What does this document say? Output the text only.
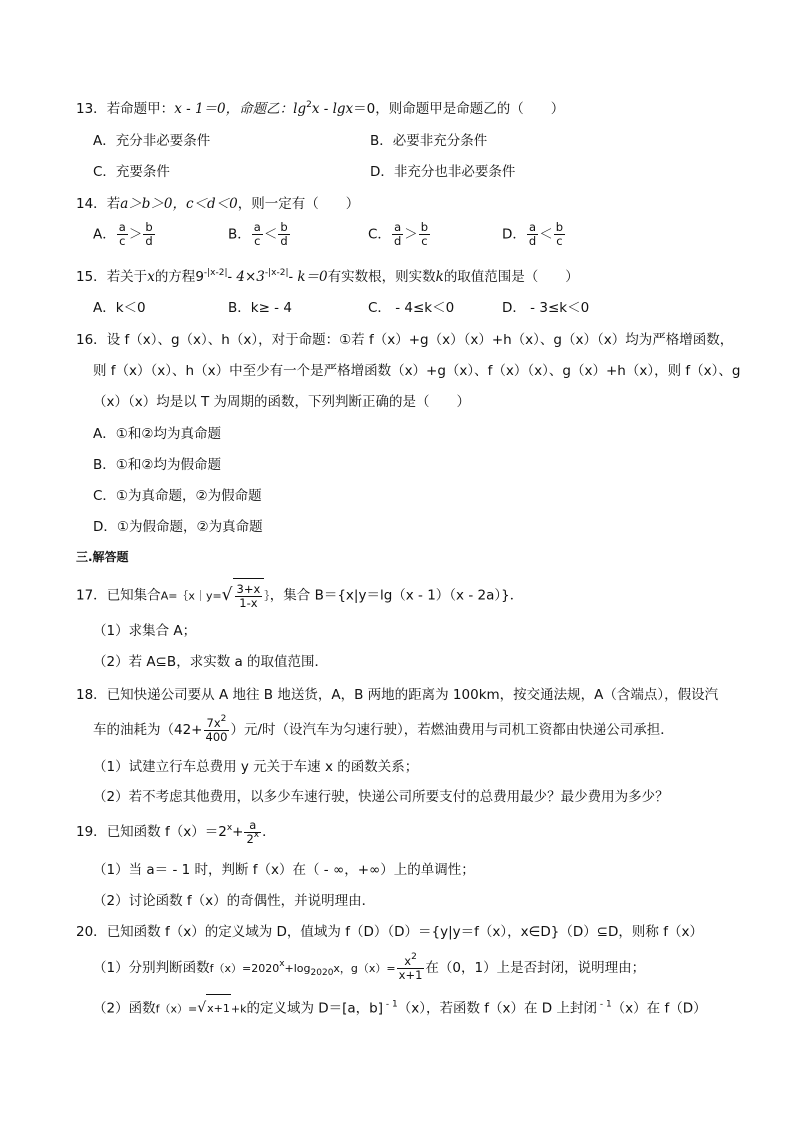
13．若命题甲：x - 1＝0，命题乙：$\lg^2x - \lg x=0$，则命题甲是命题乙的（　　）
A．充分非必要条件	B．必要非充分条件
C．充要条件	D．非充分也非必要条件
14．若a＞b＞0，c＜d＜0，则一定有（　　）
A． $\frac{a}{c} > \frac{b}{d}$	B． $\frac{a}{c} < \frac{b}{d}$	C． $\frac{a}{d} > \frac{b}{c}$	D． $\frac{a}{d} < \frac{b}{c}$
15．若关于x的方程$9^{-|x-2|}-$ $4\times 3^{-|x-2|}-$ k＝0有实数根，则实数k的取值范围是（　　）
A．k＜0	B．k≥ - 4	C． - 4≤k＜0	D． - 3≤k＜0
16．设 f（x）、g（x）、h（x），对于命题：①若 f（x）+g（x）（x）+h（x）、g（x）（x）均为严格增函数，
则 f（x）（x）、h（x）中至少有一个是严格增函数（x）+g（x）、f（x）（x）、g（x）+h（x），则 f（x）、g
（x）（x）均是以 T 为周期的函数，下列判断正确的是（　　）
A．①和②均为真命题
B．①和②均为假命题
C．①为真命题，②为假命题
D．①为假命题，②为真命题
三.解答题
17．已知集合A=｛x｜y=√ $\frac{3+x}{1-x}$ ｝，集合 B＝{x|y＝lg（x - 1）（x - 2a）}．
（1）求集合 A；
（2）若 A⊆B，求实数 a 的取值范围．
18．已知快递公司要从 A 地往 B 地送货，A，B 两地的距离为 100km，按交通法规，A（含端点），假设汽
车的油耗为（$42+ \frac{7x^2}{400}$ ）元/时（设汽车为匀速行驶），若燃油费用与司机工资都由快递公司承担．
（1）试建立行车总费用 y 元关于车速 x 的函数关系；
（2）若不考虑其他费用，以多少车速行驶，快递公司所要支付的总费用最少？最少费用为多少？
19．已知函数 $f(x)=2^x+ \frac{a}{2^x}$ ．
（1）当 a＝ - 1 时，判断 f（x）在（ - ∞，+∞）上的单调性；
（2）讨论函数 f（x）的奇偶性，并说明理由．
20．已知函数 f（x）的定义域为 D，值域为 f（D）（D）＝{y|y＝f（x），x∈D}（D）⊆D，则称 f（x）
（1）分别判断函数$f(x)=2020^x+\log_{2020}x$，$g(x)= \frac{x^2}{x+1}$ 在（0，1）上是否封闭，说明理由；
（2）函数f（x）=√x+1+k的定义域为 D＝[a，b] $^{- 1}$（x），若函数 f（x）在 D 上封闭 $^{- 1}$（x）在 f（D）
